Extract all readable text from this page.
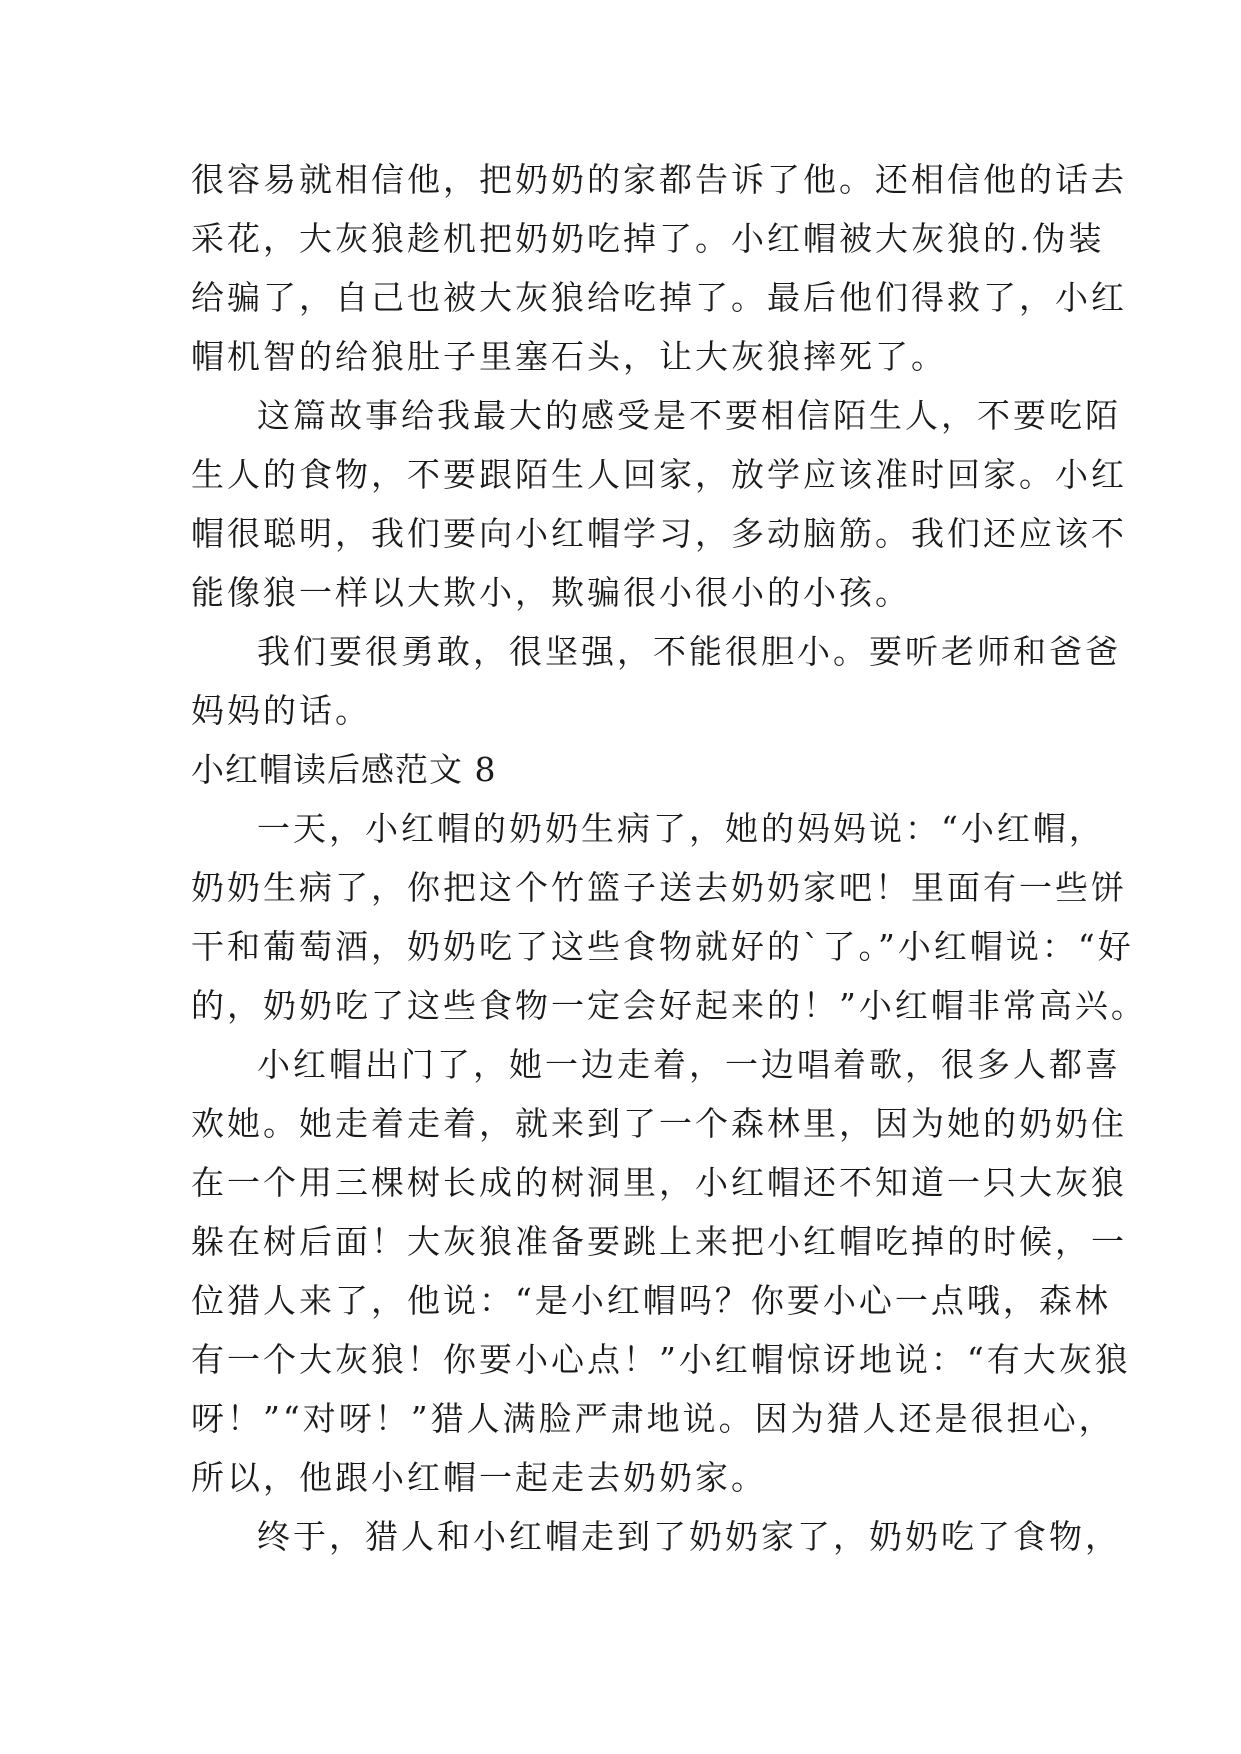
很容易就相信他，把奶奶的家都告诉了他。还相信他的话去
采花，大灰狼趁机把奶奶吃掉了。小红帽被大灰狼的.伪装
给骗了，自己也被大灰狼给吃掉了。最后他们得救了，小红
帽机智的给狼肚子里塞石头，让大灰狼摔死了。
这篇故事给我最大的感受是不要相信陌生人，不要吃陌
生人的食物，不要跟陌生人回家，放学应该准时回家。小红
帽很聪明，我们要向小红帽学习，多动脑筋。我们还应该不
能像狼一样以大欺小，欺骗很小很小的小孩。
我们要很勇敢，很坚强，不能很胆小。要听老师和爸爸
妈妈的话。
小红帽读后感范文 8
一天，小红帽的奶奶生病了，她的妈妈说：“小红帽，
奶奶生病了，你把这个竹篮子送去奶奶家吧！里面有一些饼
干和葡萄酒，奶奶吃了这些食物就好的`了。”小红帽说：“好
的，奶奶吃了这些食物一定会好起来的！”小红帽非常高兴。
小红帽出门了，她一边走着，一边唱着歌，很多人都喜
欢她。她走着走着，就来到了一个森林里，因为她的奶奶住
在一个用三棵树长成的树洞里，小红帽还不知道一只大灰狼
躲在树后面！大灰狼准备要跳上来把小红帽吃掉的时候，一
位猎人来了，他说：“是小红帽吗？你要小心一点哦，森林
有一个大灰狼！你要小心点！”小红帽惊讶地说：“有大灰狼
呀！”“对呀！”猎人满脸严肃地说。因为猎人还是很担心，
所以，他跟小红帽一起走去奶奶家。
终于，猎人和小红帽走到了奶奶家了，奶奶吃了食物，
